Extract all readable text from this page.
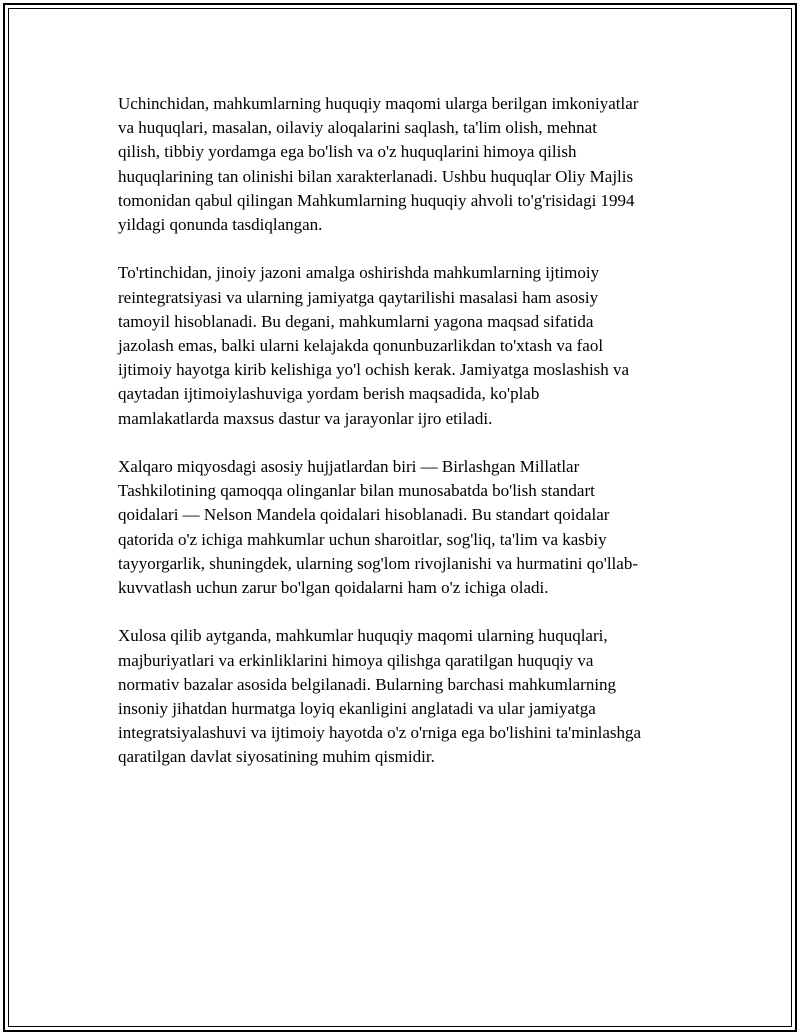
Uchinchidan, mahkumlarning huquqiy maqomi ularga berilgan imkoniyatlar
va huquqlari, masalan, oilaviy aloqalarini saqlash, ta'lim olish, mehnat
qilish, tibbiy yordamga ega bo'lish va o'z huquqlarini himoya qilish
huquqlarining tan olinishi bilan xarakterlanadi. Ushbu huquqlar Oliy Majlis
tomonidan qabul qilingan Mahkumlarning huquqiy ahvoli to'g'risidagi 1994
yildagi qonunda tasdiqlangan.

To'rtinchidan, jinoiy jazoni amalga oshirishda mahkumlarning ijtimoiy
reintegratsiyasi va ularning jamiyatga qaytarilishi masalasi ham asosiy
tamoyil hisoblanadi. Bu degani, mahkumlarni yagona maqsad sifatida
jazolash emas, balki ularni kelajakda qonunbuzarlikdan to'xtash va faol
ijtimoiy hayotga kirib kelishiga yo'l ochish kerak. Jamiyatga moslashish va
qaytadan ijtimoiylashuviga yordam berish maqsadida, ko'plab
mamlakatlarda maxsus dastur va jarayonlar ijro etiladi.

Xalqaro miqyosdagi asosiy hujjatlardan biri — Birlashgan Millatlar
Tashkilotining qamoqqa olinganlar bilan munosabatda bo'lish standart
qoidalari — Nelson Mandela qoidalari hisoblanadi. Bu standart qoidalar
qatorida o'z ichiga mahkumlar uchun sharoitlar, sog'liq, ta'lim va kasbiy
tayyorgarlik, shuningdek, ularning sog'lom rivojlanishi va hurmatini qo'llab-
kuvvatlash uchun zarur bo'lgan qoidalarni ham o'z ichiga oladi.

Xulosa qilib aytganda, mahkumlar huquqiy maqomi ularning huquqlari,
majburiyatlari va erkinliklarini himoya qilishga qaratilgan huquqiy va
normativ bazalar asosida belgilanadi. Bularning barchasi mahkumlarning
insoniy jihatdan hurmatga loyiq ekanligini anglatadi va ular jamiyatga
integratsiyalashuvi va ijtimoiy hayotda o'z o'rniga ega bo'lishini ta'minlashga
qaratilgan davlat siyosatining muhim qismidir.
